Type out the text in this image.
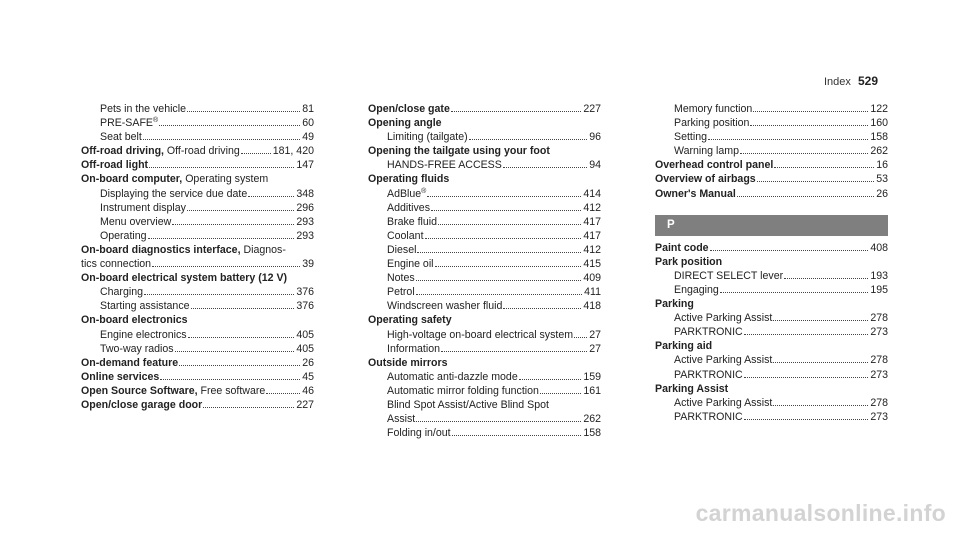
Index 529
Pets in the vehicle	81
PRE-SAFE®	60
Seat belt	49
Off-road driving, Off-road driving	181, 420
Off-road light	147
On-board computer, Operating system
Displaying the service due date	348
Instrument display	296
Menu overview	293
Operating	293
On-board diagnostics interface, Diagnos-
tics connection	39
On-board electrical system battery (12 V)
Charging	376
Starting assistance	376
On-board electronics
Engine electronics	405
Two-way radios	405
On-demand feature	26
Online services	45
Open Source Software, Free software	46
Open/close garage door	227
Open/close gate	227
Opening angle
Limiting (tailgate)	96
Opening the tailgate using your foot
HANDS-FREE ACCESS	94
Operating fluids
AdBlue®	414
Additives	412
Brake fluid	417
Coolant	417
Diesel	412
Engine oil	415
Notes	409
Petrol	411
Windscreen washer fluid	418
Operating safety
High-voltage on-board electrical system 27
Information	27
Outside mirrors
Automatic anti-dazzle mode	159
Automatic mirror folding function	161
Blind Spot Assist/Active Blind Spot
Assist	262
Folding in/out	158
Memory function	122
Parking position	160
Setting	158
Warning lamp	262
Overhead control panel	16
Overview of airbags	53
Owner's Manual	26
P
Paint code	408
Park position
DIRECT SELECT lever	193
Engaging	195
Parking
Active Parking Assist	278
PARKTRONIC	273
Parking aid
Active Parking Assist	278
PARKTRONIC	273
Parking Assist
Active Parking Assist	278
PARKTRONIC	273
carmanualsonline.info
